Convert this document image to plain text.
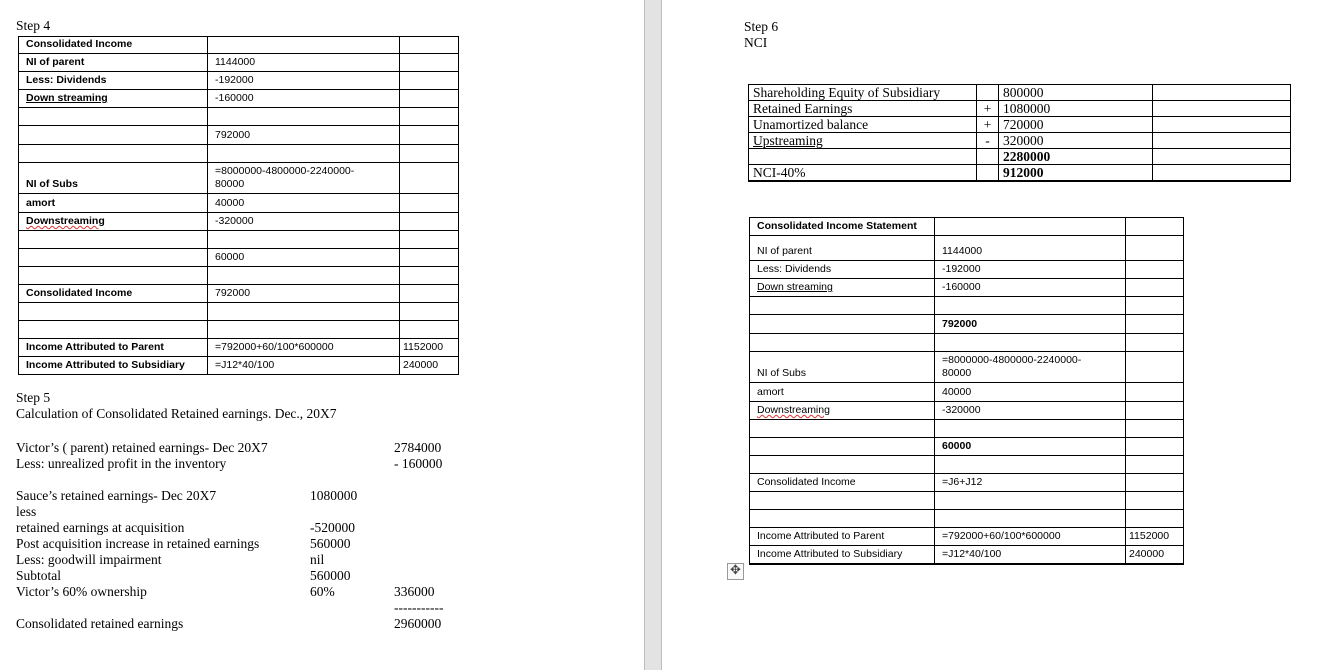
Step 4
Consolidated Income		
NI of parent	1144000	
Less: Dividends	-192000	
Down streaming	-160000	

	792000	

NI of Subs	=8000000-4800000-2240000-
80000	
amort	40000	
Downstreaming	-320000	

	60000	

Consolidated Income	792000	

Income Attributed to Parent	=792000+60/100*600000	1152000
Income Attributed to Subsidiary	=J12*40/100	240000
Step 5
Calculation of Consolidated Retained earnings. Dec., 20X7
Victor’s ( parent) retained earnings- Dec 20X7	2784000
Less: unrealized profit in the inventory	- 160000
Sauce’s retained earnings- Dec 20X7	1080000
less
retained earnings at acquisition	-520000
Post acquisition increase in retained earnings	560000
Less: goodwill impairment	nil
Subtotal	560000
Victor’s 60% ownership	60%	336000
-----------
Consolidated retained earnings	2960000
Step 6
NCI
Shareholding Equity of Subsidiary		800000	
Retained Earnings	+	1080000	
Unamortized balance	+	720000	
Upstreaming	-	320000	
		2280000	
NCI-40%		912000	
Consolidated Income Statement		
NI of parent	1144000	
Less: Dividends	-192000	
Down streaming	-160000	

	792000	

NI of Subs	=8000000-4800000-2240000-
80000	
amort	40000	
Downstreaming	-320000	

	60000	

Consolidated Income	=J6+J12	

Income Attributed to Parent	=792000+60/100*600000	1152000
Income Attributed to Subsidiary	=J12*40/100	240000
✥
